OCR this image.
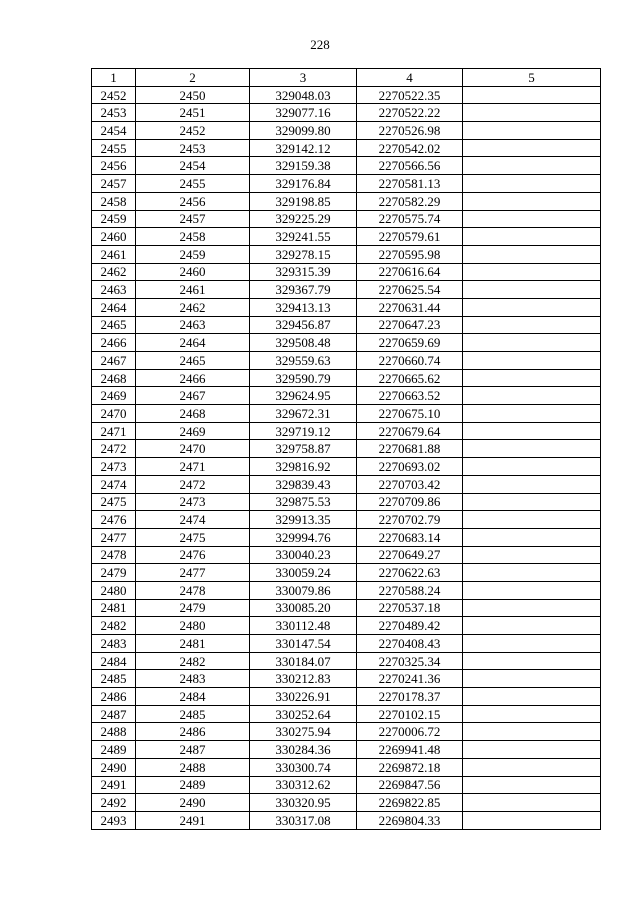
228
1	2	3	4	5
2452	2450	329048.03	2270522.35	
2453	2451	329077.16	2270522.22	
2454	2452	329099.80	2270526.98	
2455	2453	329142.12	2270542.02	
2456	2454	329159.38	2270566.56	
2457	2455	329176.84	2270581.13	
2458	2456	329198.85	2270582.29	
2459	2457	329225.29	2270575.74	
2460	2458	329241.55	2270579.61	
2461	2459	329278.15	2270595.98	
2462	2460	329315.39	2270616.64	
2463	2461	329367.79	2270625.54	
2464	2462	329413.13	2270631.44	
2465	2463	329456.87	2270647.23	
2466	2464	329508.48	2270659.69	
2467	2465	329559.63	2270660.74	
2468	2466	329590.79	2270665.62	
2469	2467	329624.95	2270663.52	
2470	2468	329672.31	2270675.10	
2471	2469	329719.12	2270679.64	
2472	2470	329758.87	2270681.88	
2473	2471	329816.92	2270693.02	
2474	2472	329839.43	2270703.42	
2475	2473	329875.53	2270709.86	
2476	2474	329913.35	2270702.79	
2477	2475	329994.76	2270683.14	
2478	2476	330040.23	2270649.27	
2479	2477	330059.24	2270622.63	
2480	2478	330079.86	2270588.24	
2481	2479	330085.20	2270537.18	
2482	2480	330112.48	2270489.42	
2483	2481	330147.54	2270408.43	
2484	2482	330184.07	2270325.34	
2485	2483	330212.83	2270241.36	
2486	2484	330226.91	2270178.37	
2487	2485	330252.64	2270102.15	
2488	2486	330275.94	2270006.72	
2489	2487	330284.36	2269941.48	
2490	2488	330300.74	2269872.18	
2491	2489	330312.62	2269847.56	
2492	2490	330320.95	2269822.85	
2493	2491	330317.08	2269804.33	
